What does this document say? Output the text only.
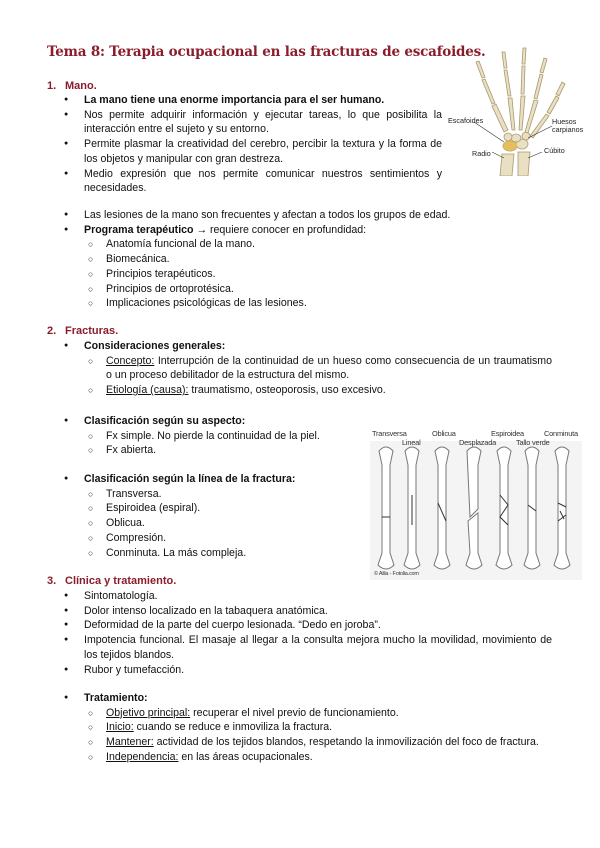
Tema 8: Terapia ocupacional en las fracturas de escafoides.
1. Mano.
● La mano tiene una enorme importancia para el ser humano.
● Nos permite adquirir información y ejecutar tareas, lo que posibilita la interacción entre el sujeto y su entorno.
● Permite plasmar la creatividad del cerebro, percibir la textura y la forma de los objetos y manipular con gran destreza.
● Medio expresión que nos permite comunicar nuestros sentimientos y necesidades.
● Las lesiones de la mano son frecuentes y afectan a todos los grupos de edad.
● Programa terapéutico → requiere conocer en profundidad:
○ Anatomía funcional de la mano.
○ Biomecánica.
○ Principios terapéuticos.
○ Principios de ortoprotésica.
○ Implicaciones psicológicas de las lesiones.
Escafoides	Huesos carpianos
Radio	Cúbito
2. Fracturas.
● Consideraciones generales:
○ Concepto: Interrupción de la continuidad de un hueso como consecuencia de un traumatismo o un proceso debilitador de la estructura del mismo.
○ Etiología (causa): traumatismo, osteoporosis, uso excesivo.
● Clasificación según su aspecto:
○ Fx simple. No pierde la continuidad de la piel.
○ Fx abierta.
● Clasificación según la línea de la fractura:
○ Transversa.
○ Espiroidea (espiral).
○ Oblicua.
○ Compresión.
○ Conminuta. La más compleja.
Transversa
Lineal
Oblicua
Desplazada
Espiroidea
Tallo verde
Conminuta
© Alila - Fotolia.com
3. Clínica y tratamiento.
● Sintomatología.
● Dolor intenso localizado en la tabaquera anatómica.
● Deformidad de la parte del cuerpo lesionada. “Dedo en joroba”.
● Impotencia funcional. El masaje al llegar a la consulta mejora mucho la movilidad, movimiento de los tejidos blandos.
● Rubor y tumefacción.
● Tratamiento:
○ Objetivo principal: recuperar el nivel previo de funcionamiento.
○ Inicio: cuando se reduce e inmoviliza la fractura.
○ Mantener: actividad de los tejidos blandos, respetando la inmovilización del foco de fractura.
○ Independencia: en las áreas ocupacionales.
